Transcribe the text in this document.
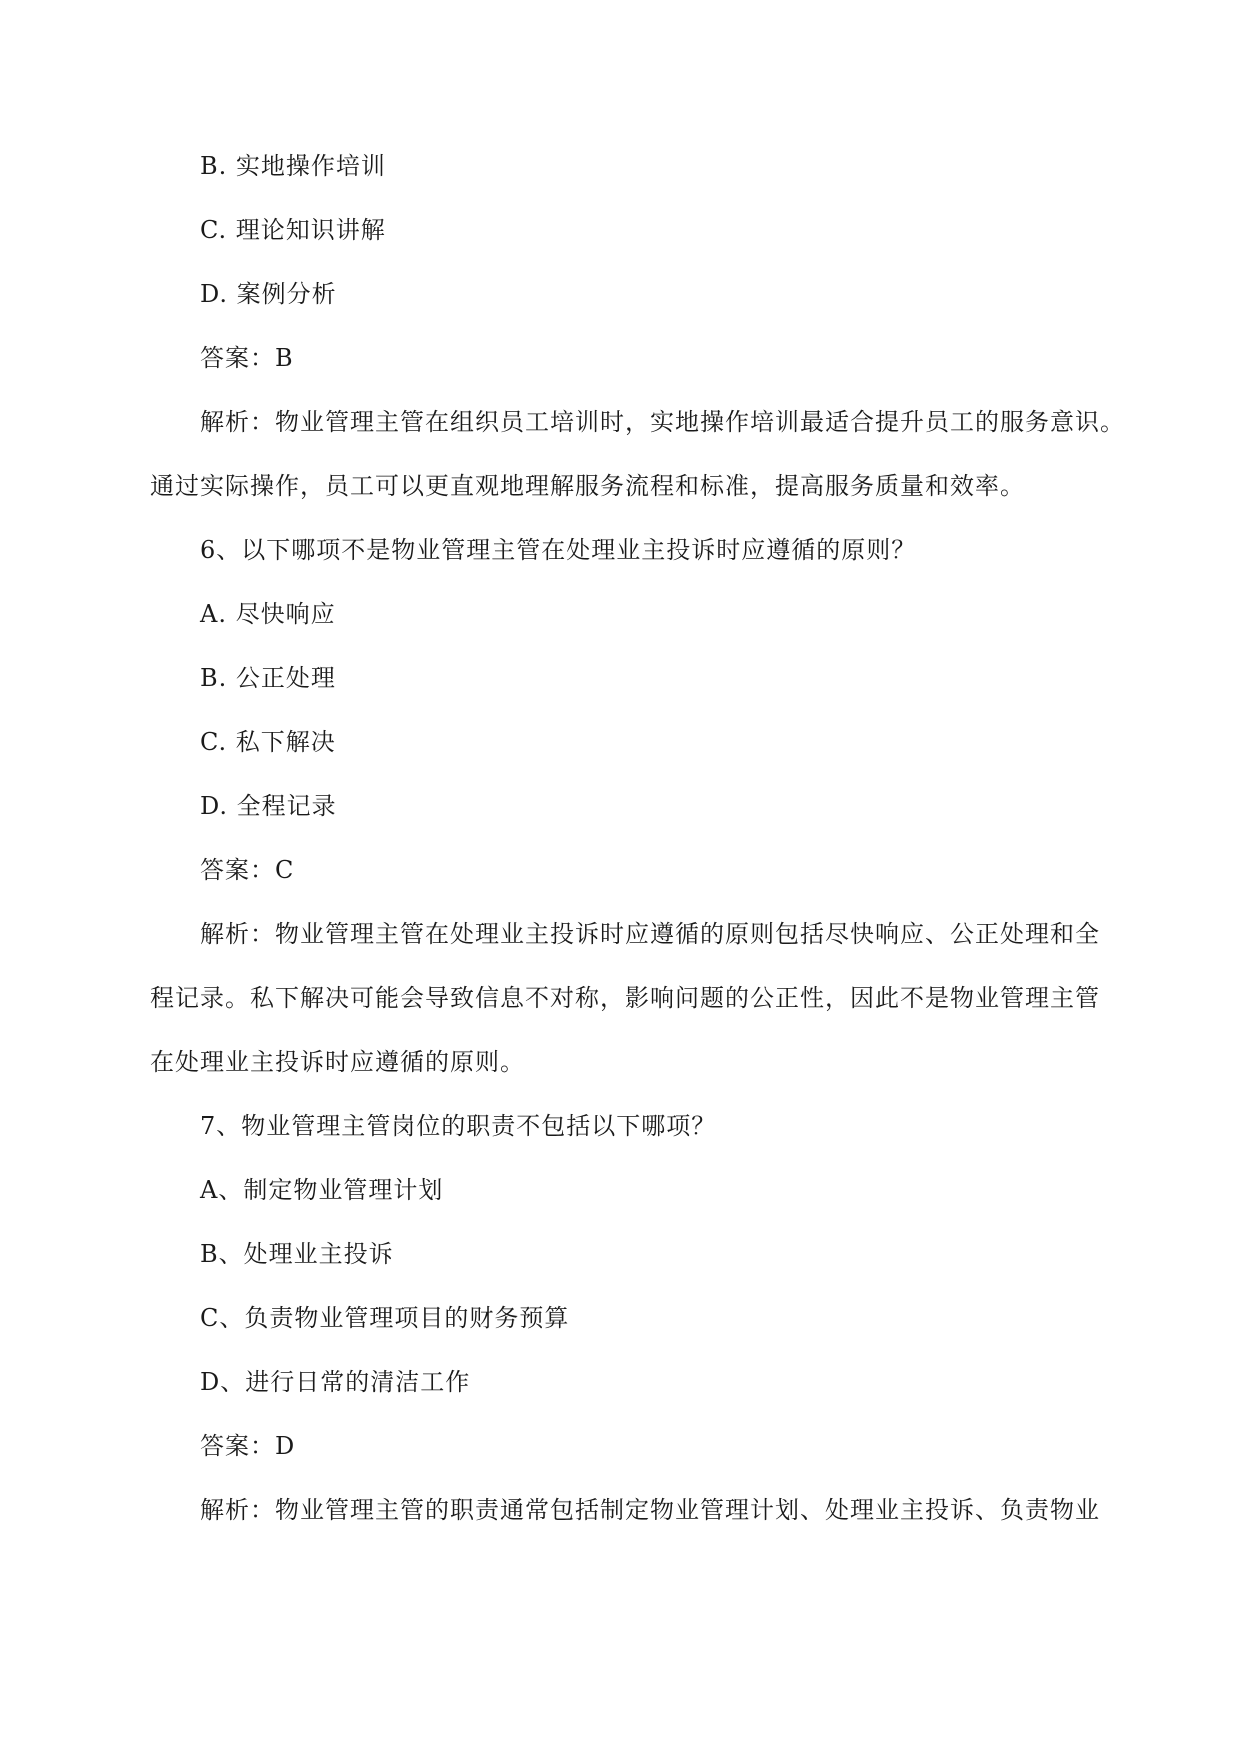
B. 实地操作培训
C. 理论知识讲解
D. 案例分析
答案：B
解析：物业管理主管在组织员工培训时，实地操作培训最适合提升员工的服务意识。
通过实际操作，员工可以更直观地理解服务流程和标准，提高服务质量和效率。
6、以下哪项不是物业管理主管在处理业主投诉时应遵循的原则？
A. 尽快响应
B. 公正处理
C. 私下解决
D. 全程记录
答案：C
解析：物业管理主管在处理业主投诉时应遵循的原则包括尽快响应、公正处理和全
程记录。私下解决可能会导致信息不对称，影响问题的公正性，因此不是物业管理主管
在处理业主投诉时应遵循的原则。
7、物业管理主管岗位的职责不包括以下哪项？
A、制定物业管理计划
B、处理业主投诉
C、负责物业管理项目的财务预算
D、进行日常的清洁工作
答案：D
解析：物业管理主管的职责通常包括制定物业管理计划、处理业主投诉、负责物业
